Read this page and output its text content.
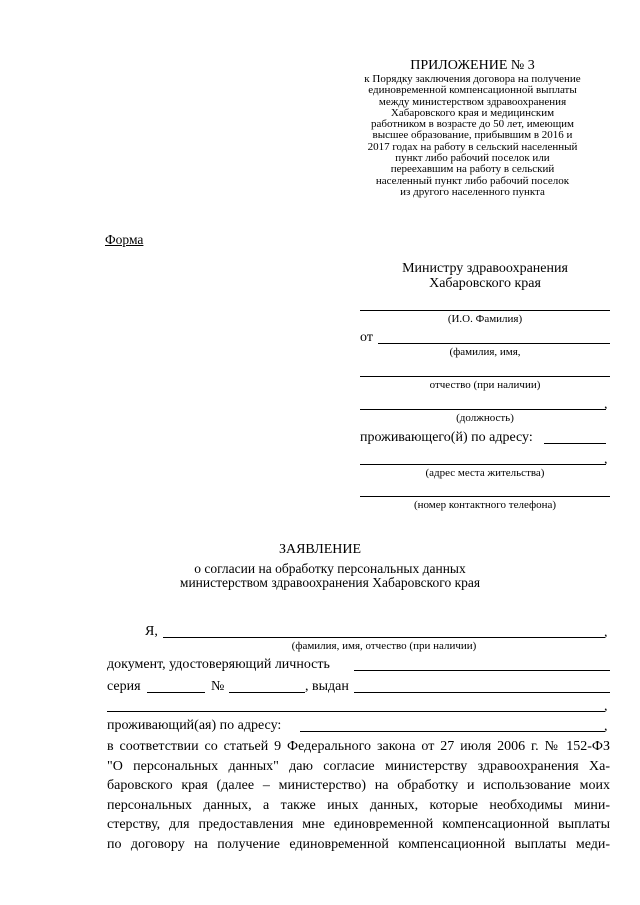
ПРИЛОЖЕНИЕ № 3
к Порядку заключения договора на получение
единовременной компенсационной выплаты
между министерством здравоохранения
Хабаровского края и медицинским
работником в возрасте до 50 лет, имеющим
высшее образование, прибывшим в 2016 и
2017 годах на работу в сельский населенный
пункт либо рабочий поселок или
переехавшим на работу в сельский
населенный пункт либо рабочий поселок
из другого населенного пункта
Форма
Министру здравоохранения
Хабаровского края
(И.О. Фамилия)
от
(фамилия, имя,
отчество (при наличии)
,
(должность)
проживающего(й) по адресу:
,
(адрес места жительства)
(номер контактного телефона)
ЗАЯВЛЕНИЕ
о согласии на обработку персональных данных
министерством здравоохранения Хабаровского края
Я,	,
(фамилия, имя, отчество (при наличии)
документ, удостоверяющий личность
серия	№	, выдан
,
проживающий(ая) по адресу:	,
в соответствии со статьей 9 Федерального закона от 27 июля 2006 г. № 152-ФЗ
"О персональных данных" даю согласие министерству здравоохранения Ха-
баровского края (далее – министерство) на обработку и использование моих
персональных данных, а также иных данных, которые необходимы мини-
стерству, для предоставления мне единовременной компенсационной выплаты
по договору на получение единовременной компенсационной выплаты меди-
